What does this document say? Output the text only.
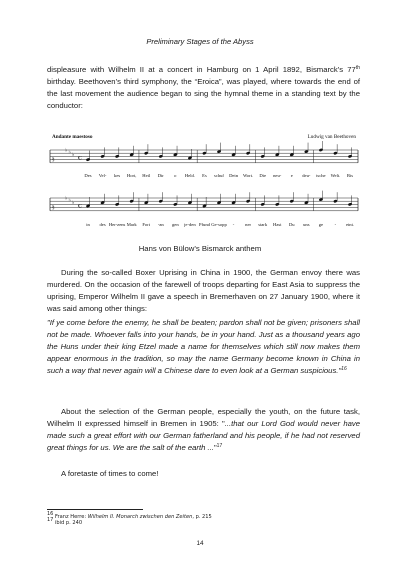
Preliminary Stages of the Abyss

displeasure with Wilhelm II at a concert in Hamburg on 1 April 1892, Bismarck’s 77th birthday. Beethoven’s third symphony, the “Eroica”, was played, where towards the end of the last movement the audience began to sing the hymnal theme in a standing text by the conductor:

Andante maestoso	Ludwig van Beethoven
§
♭ ♭ ♭
C
§
♭ ♭ ♭
C
Des Vel- kes Hort, Heil Dir o Held. Es schuf Dein Wort. Die neu- e deu- tsche Welt. Bis
in des Her-zens Mark Fort -an gen je-den Pfund Ge-sopp - ner stark Hast Du uns ge	- eint.
Hans von Bülow’s Bismarck anthem

During the so-called Boxer Uprising in China in 1900, the German envoy there was murdered. On the occasion of the farewell of troops departing for East Asia to suppress the uprising, Emperor Wilhelm II gave a speech in Bremerhaven on 27 January 1900, where it was said among other things:

"If ye come before the enemy, he shall be beaten; pardon shall not be given; prisoners shall not be made. Whoever falls into your hands, be in your hand. Just as a thousand years ago the Huns under their king Etzel made a name for themselves which still now makes them appear enormous in the tradition, so may the name Germany become known in China in such a way that never again will a Chinese dare to even look at a German suspicious."$^{16}$

About the selection of the German people, especially the youth, on the future task, Wilhelm II expressed himself in Bremen in 1905: "...that our Lord God would never have made such a great effort with our German fatherland and his people, if he had not reserved great things for us. We are the salt of the earth ..."$^{17}$

A foretaste of times to come!

$^{16}$ Franz Herre: Wilhelm II. Monarch zwischen den Zeiten, p. 215
$^{17}$ ibid p. 240
14
